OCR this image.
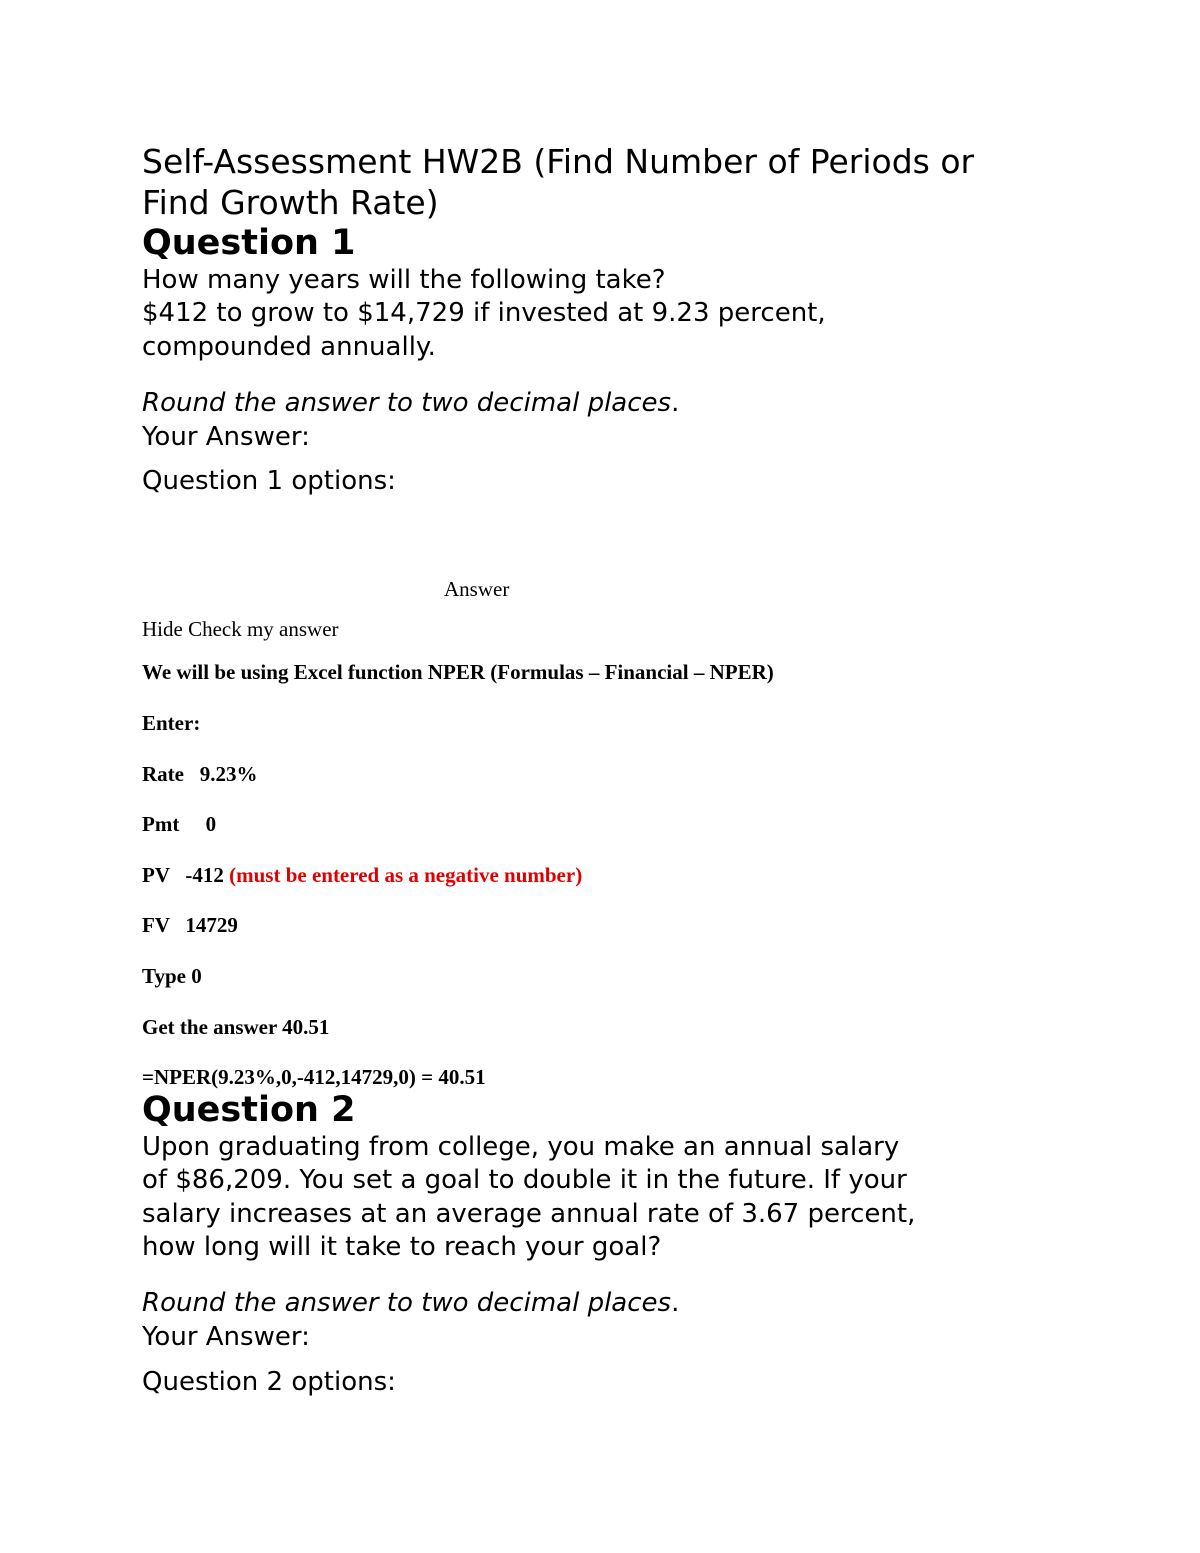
Self-Assessment HW2B (Find Number of Periods or

Find Growth Rate)

Question 1

How many years will the following take?

$412 to grow to $14,729 if invested at 9.23 percent,

compounded annually.

Round the answer to two decimal places.

Your Answer:

Question 1 options:

Answer

Hide Check my answer

We will be using Excel function NPER (Formulas – Financial – NPER)

Enter:

Rate   9.23%

Pmt     0

PV   -412 (must be entered as a negative number)

FV   14729

Type 0

Get the answer 40.51

=NPER(9.23%,0,-412,14729,0) = 40.51

Question 2

Upon graduating from college, you make an annual salary

of $86,209. You set a goal to double it in the future. If your

salary increases at an average annual rate of 3.67 percent,

how long will it take to reach your goal?

Round the answer to two decimal places.

Your Answer:

Question 2 options:
